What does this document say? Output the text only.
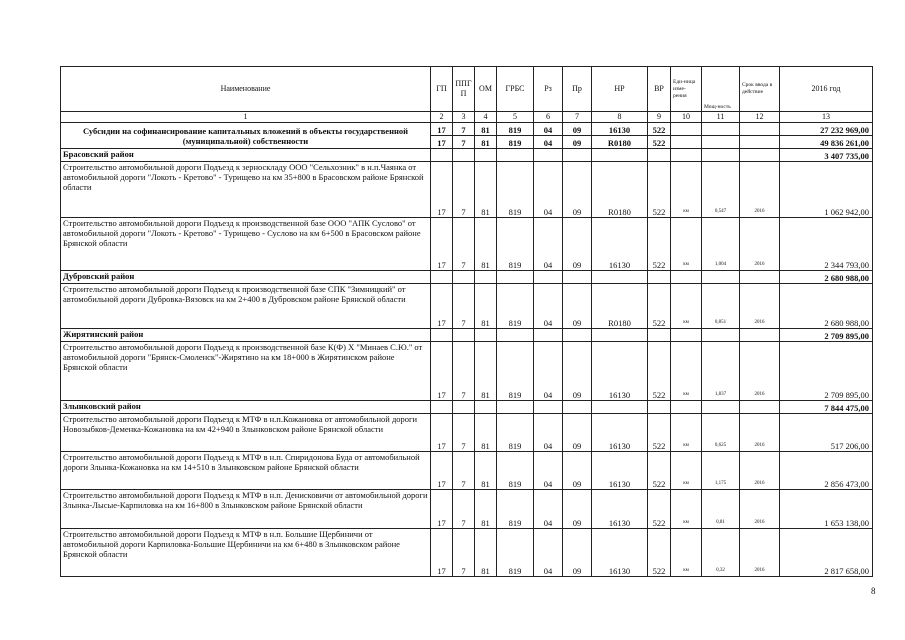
Наименование	ГП	ППГП	ОМ	ГРБС	Рз	Пр	НР	ВР	Еди-ница изме-рения	Мощ-ность	Срок ввода в действие	2016 год
1	2	3	4	5	6	7	8	9	10	11	12	13
Субсидии на софинансирование капитальных вложений в объекты государственной (муниципальной) собственности	17	7	81	819	04	09	16130	522				27 232 969,00
	17	7	81	819	04	09	R0180	522				49 836 261,00
Брасовский район												3 407 735,00
Строительство автомобильной дороги Подъезд к зерноскладу ООО "Сельхозник" в н.п.Чаянка от автомобильной дороги "Локоть - Кретово" - Турищево на км 35+800 в Брасовском районе Брянской области	17	7	81	819	04	09	R0180	522	км	0,547	2016	1 062 942,00
Строительство автомобильной дороги Подъезд к производственной базе ООО "АПК Суслово" от автомобильной дороги "Локоть - Кретово" - Турищево - Суслово на км 6+500 в Брасовском районе Брянской области	17	7	81	819	04	09	16130	522	км	1,004	2016	2 344 793,00
Дубровский район												2 680 988,00
Строительство автомобильной дороги Подъезд к производственной базе СПК "Зимницкий" от автомобильной дороги Дубровка-Вязовск на км 2+400 в Дубровском районе Брянской области	17	7	81	819	04	09	R0180	522	км	0,851	2016	2 680 988,00
Жирятинский район												2 709 895,00
Строительство автомобильной дороги Подъезд к производственной базе К(Ф) Х "Минаев С.Ю." от автомобильной дороги "Брянск-Смоленск"-Жирятино на км 18+000 в Жирятинском районе Брянской области	17	7	81	819	04	09	16130	522	км	1,837	2016	2 709 895,00
Злынковский район												7 844 475,00
Строительство автомобильной дороги Подъезд к МТФ в н.п.Кожановка от автомобильной дороги Новозыбков-Деменка-Кожановка на км 42+940 в Злынковском районе Брянской области	17	7	81	819	04	09	16130	522	км	0,625	2016	517 206,00
Строительство автомобильной дороги Подъезд к МТФ в н.п. Спиридонова Буда от автомобильной дороги Злынка-Кожановка на км 14+510 в Злынковском районе Брянской области	17	7	81	819	04	09	16130	522	км	1,175	2016	2 856 473,00
Строительство автомобильной дороги Подъезд к МТФ в н.п. Денисковичи от автомобильной дороги Злынка-Лысые-Карпиловка на км 16+800 в Злынковском районе Брянской области	17	7	81	819	04	09	16130	522	км	0,81	2016	1 653 138,00
Строительство автомобильной дороги Подъезд к МТФ в н.п. Большие Щербиничи от автомобильной дороги Карпиловка-Большие Щербиничи на км 6+480 в Злынковском районе Брянской области	17	7	81	819	04	09	16130	522	км	0,32	2016	2 817 658,00
8
